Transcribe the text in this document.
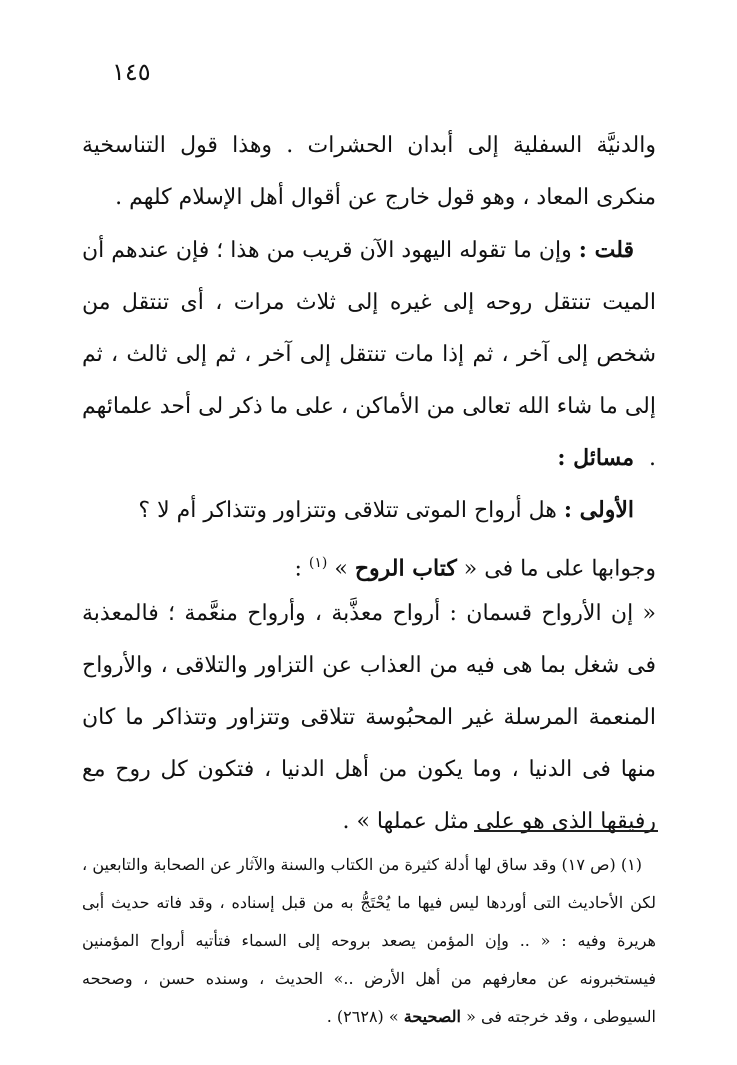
١٤٥

والدنيَّة السفلية إلى أبدان الحشرات . وهذا قول التناسخية منكرى المعاد ، وهو قول خارج عن أقوال أهل الإسلام كلهم .

قلت : وإن ما تقوله اليهود الآن قريب من هذا ؛ فإن عندهم أن الميت تنتقل روحه إلى غيره إلى ثلاث مرات ، أى تنتقل من شخص إلى آخر ، ثم إذا مات تنتقل إلى آخر ، ثم إلى ثالث ، ثم إلى ما شاء الله تعالى من الأماكن ، على ما ذكر لى أحد علمائهم .

مسائل :

الأولى : هل أرواح الموتى تتلاقى وتتزاور وتتذاكر أم لا ؟

وجوابها على ما فى « كتاب الروح » $^{(١)}$ :

« إن الأرواح قسمان : أرواح معذَّبة ، وأرواح منعَّمة ؛ فالمعذبة فى شغل بما هى فيه من العذاب عن التزاور والتلاقى ، والأرواح المنعمة المرسلة غير المحبُوسة تتلاقى وتتزاور وتتذاكر ما كان منها فى الدنيا ، وما يكون من أهل الدنيا ، فتكون كل روح مع رفيقها الذى هو على مثل عملها » .

(١) (ص ١٧) وقد ساق لها أدلة كثيرة من الكتاب والسنة والآثار عن الصحابة والتابعين ، لكن الأحاديث التى أوردها ليس فيها ما يُحْتَجُّ به من قبل إسناده ، وقد فاته حديث أبى هريرة وفيه : « .. وإن المؤمن يصعد بروحه إلى السماء فتأتيه أرواح المؤمنين فيستخبرونه عن معارفهم من أهل الأرض ..» الحديث ، وسنده حسن ، وصححه السيوطى ، وقد خرجته فى « الصحيحة » (٢٦٢٨) .
